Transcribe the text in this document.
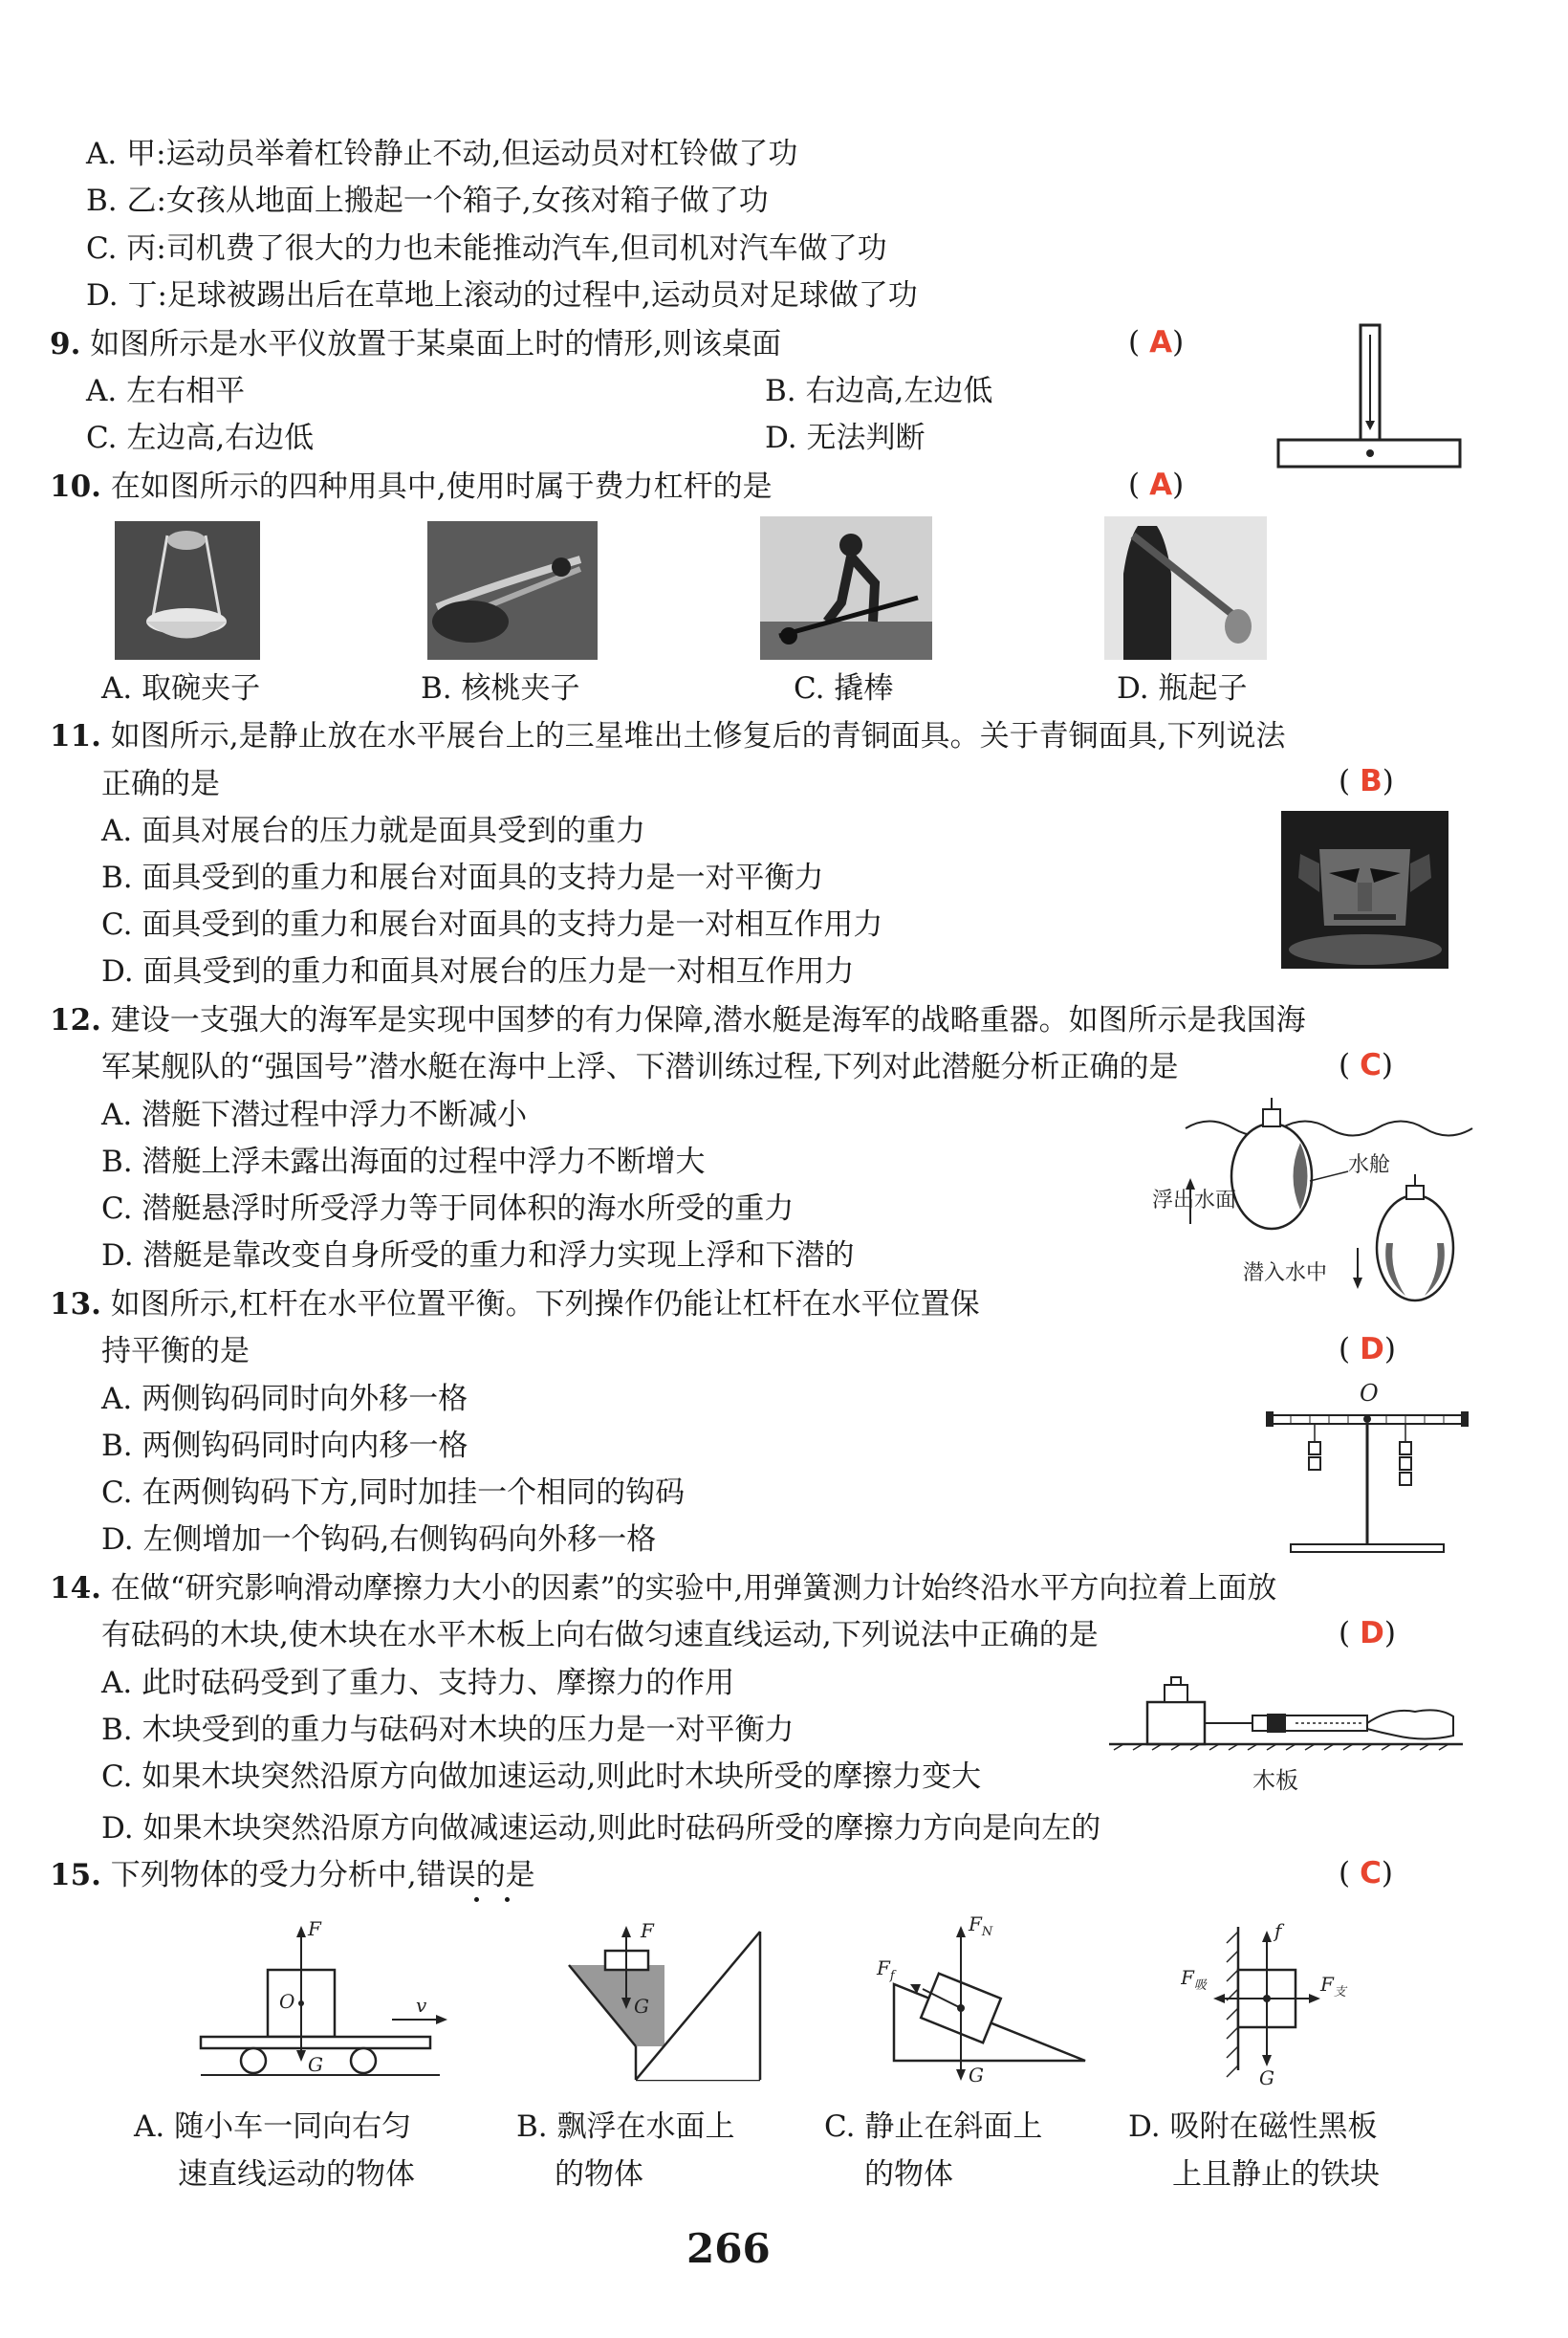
A. 甲:运动员举着杠铃静止不动,但运动员对杠铃做了功
B. 乙:女孩从地面上搬起一个箱子,女孩对箱子做了功
C. 丙:司机费了很大的力也未能推动汽车,但司机对汽车做了功
D. 丁:足球被踢出后在草地上滚动的过程中,运动员对足球做了功
9. 如图所示是水平仪放置于某桌面上时的情形,则该桌面	(A)
A. 左右相平	B. 右边高,左边低
C. 左边高,右边低	D. 无法判断
10. 在如图所示的四种用具中,使用时属于费力杠杆的是	(A)
A. 取碗夹子	B. 核桃夹子	C. 撬棒	D. 瓶起子
11. 如图所示,是静止放在水平展台上的三星堆出土修复后的青铜面具。关于青铜面具,下列说法
正确的是	(B)
A. 面具对展台的压力就是面具受到的重力
B. 面具受到的重力和展台对面具的支持力是一对平衡力
C. 面具受到的重力和展台对面具的支持力是一对相互作用力
D. 面具受到的重力和面具对展台的压力是一对相互作用力
12. 建设一支强大的海军是实现中国梦的有力保障,潜水艇是海军的战略重器。如图所示是我国海
军某舰队的“强国号”潜水艇在海中上浮、下潜训练过程,下列对此潜艇分析正确的是	(C)
A. 潜艇下潜过程中浮力不断减小
B. 潜艇上浮未露出海面的过程中浮力不断增大
C. 潜艇悬浮时所受浮力等于同体积的海水所受的重力
D. 潜艇是靠改变自身所受的重力和浮力实现上浮和下潜的
浮出水面
水舱
潜入水中
13. 如图所示,杠杆在水平位置平衡。下列操作仍能让杠杆在水平位置保
持平衡的是	(D)
A. 两侧钩码同时向外移一格
B. 两侧钩码同时向内移一格
C. 在两侧钩码下方,同时加挂一个相同的钩码
D. 左侧增加一个钩码,右侧钩码向外移一格
O
14. 在做“研究影响滑动摩擦力大小的因素”的实验中,用弹簧测力计始终沿水平方向拉着上面放
有砝码的木块,使木块在水平木板上向右做匀速直线运动,下列说法中正确的是	(D)
A. 此时砝码受到了重力、支持力、摩擦力的作用
B. 木块受到的重力与砝码对木块的压力是一对平衡力
C. 如果木块突然沿原方向做加速运动,则此时木块所受的摩擦力变大
D. 如果木块突然沿原方向做减速运动,则此时砝码所受的摩擦力方向是向左的
木板
15. 下列物体的受力分析中,错误的是	(C)
F
O
G
v
F
G
$F_N$
$F_f$
G
f
$F_吸$	$F_支$
G
A. 随小车一同向右匀
速直线运动的物体
B. 飘浮在水面上
的物体
C. 静止在斜面上
的物体
D. 吸附在磁性黑板
上且静止的铁块
266
